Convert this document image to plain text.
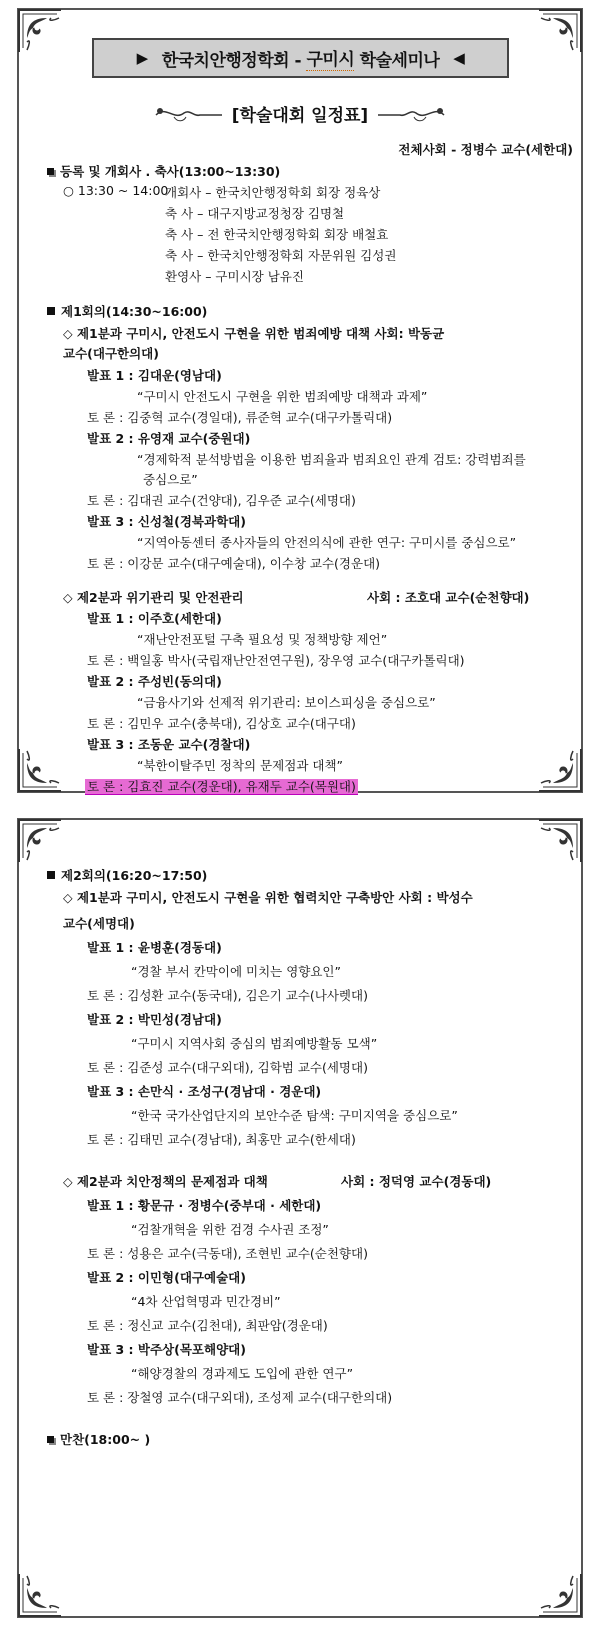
▶ 한국치안행정학회 -
구미시
학술세미나 ◀
[학술대회 일정표]
전체사회 - 정병수 교수(세한대)
등록 및 개회사 . 축사(13:00~13:30)
○ 13:30 ~ 14:00
개회사 – 한국치안행정학회 회장 정육상
축 사 – 대구지방교정청장 김명철
축 사 – 전 한국치안행정학회 회장 배철효
축 사 – 한국치안행정학회 자문위원 김성권
환영사 – 구미시장 남유진
제1회의(14:30~16:00)
◇ 제1분과 구미시, 안전도시 구현을 위한 범죄예방 대책 사회: 박동균
교수(대구한의대)
발표 1 : 김대운(영남대)
“구미시 안전도시 구현을 위한 범죄예방 대책과 과제”
토 론 : 김중혁 교수(경일대), 류준혁 교수(대구카톨릭대)
발표 2 : 유영재 교수(중원대)
“경제학적 분석방법을 이용한 범죄율과 범죄요인 관계 검토: 강력범죄를
중심으로”
토 론 : 김대권 교수(건양대), 김우준 교수(세명대)
발표 3 : 신성철(경북과학대)
“지역아동센터 종사자들의 안전의식에 관한 연구: 구미시를 중심으로”
토 론 : 이강문 교수(대구예술대), 이수창 교수(경운대)
◇ 제2분과 위기관리 및 안전관리	사회 : 조호대 교수(순천향대)
발표 1 : 이주호(세한대)
“재난안전포털 구축 필요성 및 정책방향 제언”
토 론 : 백일홍 박사(국립재난안전연구원), 장우영 교수(대구카톨릭대)
발표 2 : 주성빈(동의대)
“금융사기와 선제적 위기관리: 보이스피싱을 중심으로”
토 론 : 김민우 교수(충북대), 김상호 교수(대구대)
발표 3 : 조동운 교수(경찰대)
“북한이탈주민 정착의 문제점과 대책”
토 론 : 김효진 교수(경운대), 유재두 교수(목원대)
제2회의(16:20~17:50)
◇ 제1분과 구미시, 안전도시 구현을 위한 협력치안 구축방안 사회 : 박성수
교수(세명대)
발표 1 : 윤병훈(경동대)
“경찰 부서 칸막이에 미치는 영향요인”
토 론 : 김성환 교수(동국대), 김은기 교수(나사렛대)
발표 2 : 박민성(경남대)
“구미시 지역사회 중심의 범죄예방활동 모색”
토 론 : 김준성 교수(대구외대), 김학범 교수(세명대)
발표 3 : 손만식 · 조성구(경남대 · 경운대)
“한국 국가산업단지의 보안수준 탐색: 구미지역을 중심으로”
토 론 : 김태민 교수(경남대), 최홍만 교수(한세대)
◇ 제2분과 치안정책의 문제점과 대책	사회 : 정덕영 교수(경동대)
발표 1 : 황문규 · 정병수(중부대 · 세한대)
“검찰개혁을 위한 검경 수사권 조정”
토 론 : 성용은 교수(극동대), 조현빈 교수(순천향대)
발표 2 : 이민형(대구예술대)
“4차 산업혁명과 민간경비”
토 론 : 정신교 교수(김천대), 최판암(경운대)
발표 3 : 박주상(목포해양대)
“해양경찰의 경과제도 도입에 관한 연구”
토 론 : 장철영 교수(대구외대), 조성제 교수(대구한의대)
만찬(18:00~ )
